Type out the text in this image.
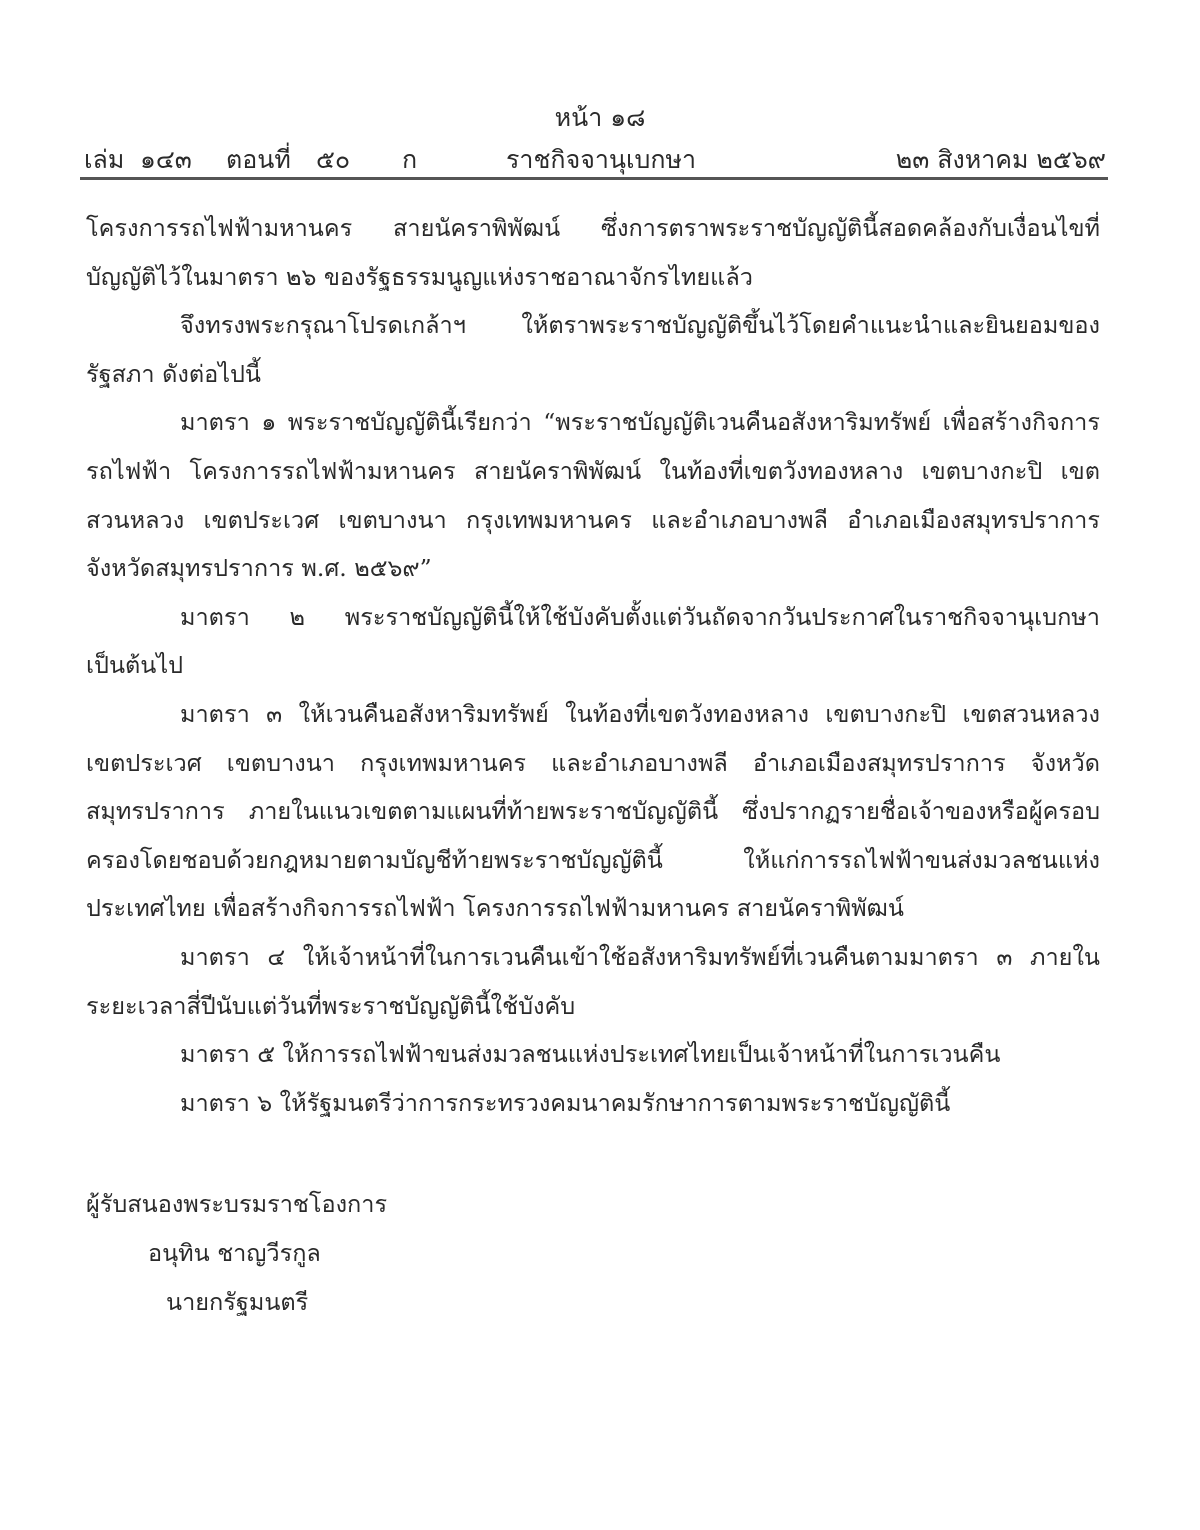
หน้า ๑๘
เล่ม ๑๔๓ ตอนที่ ๕๐ ก	ราชกิจจานุเบกษา	๒๓ สิงหาคม ๒๕๖๙

โครงการรถไฟฟ้ามหานคร สายนัคราพิพัฒน์ ซึ่งการตราพระราชบัญญัตินี้สอดคล้องกับเงื่อนไขที่บัญญัติไว้ในมาตรา ๒๖ ของรัฐธรรมนูญแห่งราชอาณาจักรไทยแล้ว

จึงทรงพระกรุณาโปรดเกล้าฯ ให้ตราพระราชบัญญัติขึ้นไว้โดยคำแนะนำและยินยอมของรัฐสภา ดังต่อไปนี้

มาตรา ๑ พระราชบัญญัตินี้เรียกว่า “พระราชบัญญัติเวนคืนอสังหาริมทรัพย์ เพื่อสร้างกิจการรถไฟฟ้า โครงการรถไฟฟ้ามหานคร สายนัคราพิพัฒน์ ในท้องที่เขตวังทองหลาง เขตบางกะปิ เขตสวนหลวง เขตประเวศ เขตบางนา กรุงเทพมหานคร และอำเภอบางพลี อำเภอเมืองสมุทรปราการ จังหวัดสมุทรปราการ พ.ศ. ๒๕๖๙”

มาตรา ๒ พระราชบัญญัตินี้ให้ใช้บังคับตั้งแต่วันถัดจากวันประกาศในราชกิจจานุเบกษาเป็นต้นไป

มาตรา ๓ ให้เวนคืนอสังหาริมทรัพย์ ในท้องที่เขตวังทองหลาง เขตบางกะปิ เขตสวนหลวง เขตประเวศ เขตบางนา กรุงเทพมหานคร และอำเภอบางพลี อำเภอเมืองสมุทรปราการ จังหวัดสมุทรปราการ ภายในแนวเขตตามแผนที่ท้ายพระราชบัญญัตินี้ ซึ่งปรากฏรายชื่อเจ้าของหรือผู้ครอบครองโดยชอบด้วยกฎหมายตามบัญชีท้ายพระราชบัญญัตินี้ ให้แก่การรถไฟฟ้าขนส่งมวลชนแห่งประเทศไทย เพื่อสร้างกิจการรถไฟฟ้า โครงการรถไฟฟ้ามหานคร สายนัคราพิพัฒน์

มาตรา ๔ ให้เจ้าหน้าที่ในการเวนคืนเข้าใช้อสังหาริมทรัพย์ที่เวนคืนตามมาตรา ๓ ภายในระยะเวลาสี่ปีนับแต่วันที่พระราชบัญญัตินี้ใช้บังคับ

มาตรา ๕ ให้การรถไฟฟ้าขนส่งมวลชนแห่งประเทศไทยเป็นเจ้าหน้าที่ในการเวนคืน

มาตรา ๖ ให้รัฐมนตรีว่าการกระทรวงคมนาคมรักษาการตามพระราชบัญญัตินี้

ผู้รับสนองพระบรมราชโองการ
อนุทิน ชาญวีรกูล
นายกรัฐมนตรี
